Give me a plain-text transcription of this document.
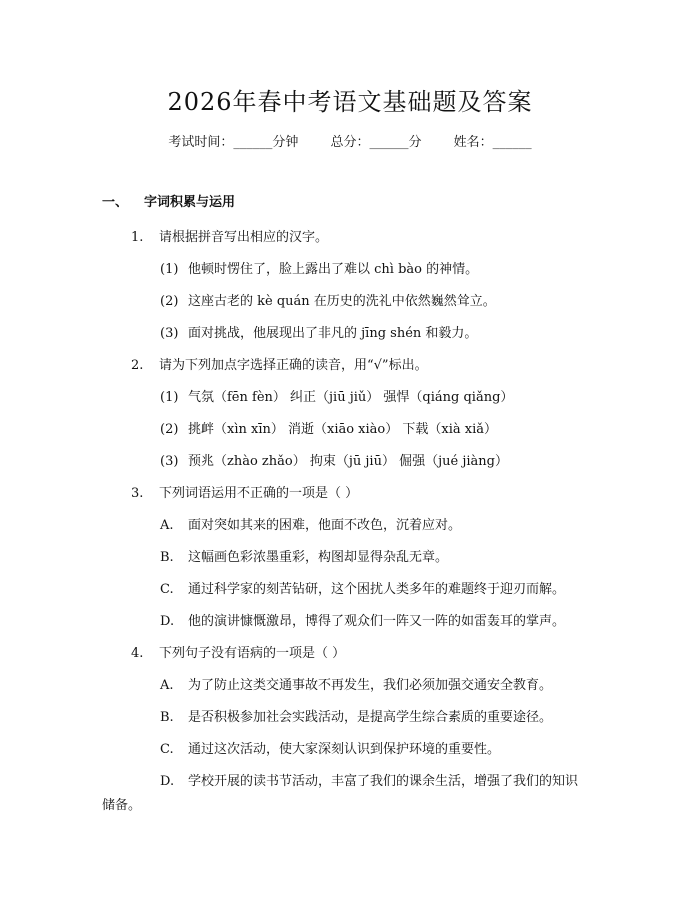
2026年春中考语文基础题及答案
考试时间：______分钟 总分：______分 姓名：______
一、 字词积累与运用
1. 请根据拼音写出相应的汉字。
(1) 他顿时愣住了，脸上露出了难以 chì bào 的神情。
(2) 这座古老的 kè quán 在历史的洗礼中依然巍然耸立。
(3) 面对挑战，他展现出了非凡的 jīng shén 和毅力。
2. 请为下列加点字选择正确的读音，用“√”标出。
(1) 气氛（fēn fèn） 纠正（jiū jiǔ） 强悍（qiáng qiǎng）
(2) 挑衅（xìn xīn） 消逝（xiāo xiào） 下载（xià xiǎ）
(3) 预兆（zhào zhǎo） 拘束（jū jiū） 倔强（jué jiàng）
3. 下列词语运用不正确的一项是（ ）
A. 面对突如其来的困难，他面不改色，沉着应对。
B. 这幅画色彩浓墨重彩，构图却显得杂乱无章。
C. 通过科学家的刻苦钻研，这个困扰人类多年的难题终于迎刃而解。
D. 他的演讲慷慨激昂，博得了观众们一阵又一阵的如雷轰耳的掌声。
4. 下列句子没有语病的一项是（ ）
A. 为了防止这类交通事故不再发生，我们必须加强交通安全教育。
B. 是否积极参加社会实践活动，是提高学生综合素质的重要途径。
C. 通过这次活动，使大家深刻认识到保护环境的重要性。
D. 学校开展的读书节活动，丰富了我们的课余生活，增强了我们的知识
储备。
